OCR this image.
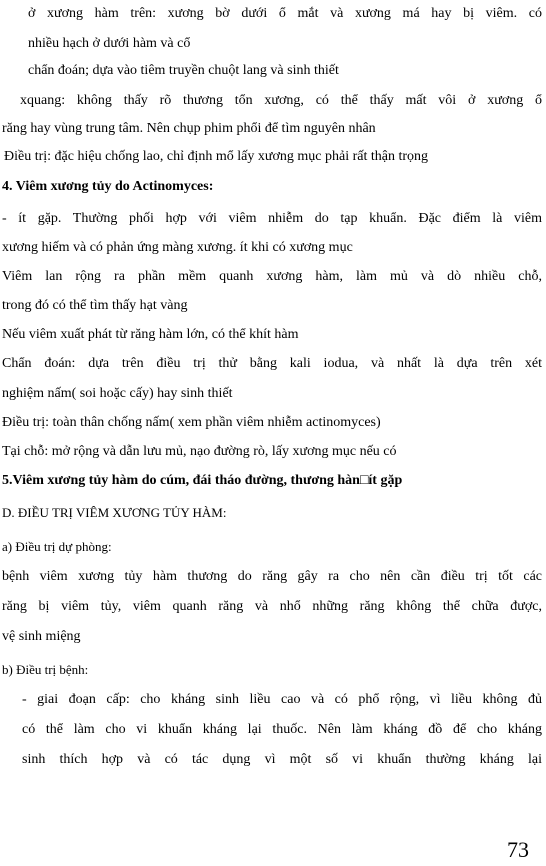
ở xương hàm trên: xương bờ dưới ổ mắt và xương má hay bị viêm. có
nhiều hạch ở dưới hàm và cổ
chẩn đoán; dựa vào tiêm truyền chuột lang và sinh thiết
xquang: không thấy rõ thương tổn xương, có thể thấy mất vôi ở xương ổ
răng hay vùng trung tâm. Nên chụp phim phổi để tìm nguyên nhân
Điều trị: đặc hiệu chống lao, chỉ định mổ lấy xương mục phải rất thận trọng
4. Viêm xương tủy do Actinomyces:
- ít gặp. Thường phối hợp với viêm nhiễm do tạp khuẩn. Đặc điểm là viêm
xương hiếm và có phản ứng màng xương. ít khi có xương mục
Viêm lan rộng ra phần mềm quanh xương hàm, làm mủ và dò nhiều chỗ,
trong đó có thể tìm thấy hạt vàng
Nếu viêm xuất phát từ răng hàm lớn, có thể khít hàm
Chẩn đoán: dựa trên điều trị thử bằng kali iodua, và nhất là dựa trên xét
nghiệm nấm( soi hoặc cấy) hay sinh thiết
Điều trị: toàn thân chống nấm( xem phần viêm nhiễm actinomyces)
Tại chỗ: mở rộng và dẫn lưu mủ, nạo đường rò, lấy xương mục nếu có
5.Viêm xương tủy hàm do cúm, đái tháo đường, thương hàn□ít gặp
D. ĐIỀU TRỊ VIÊM XƯƠNG TỦY HÀM:
a) Điều trị dự phòng:
bệnh viêm xương tủy hàm thương do răng gây ra cho nên cần điều trị tốt các
răng bị viêm tủy, viêm quanh răng và nhổ những răng không thể chữa được,
vệ sinh miệng
b) Điều trị bệnh:
- giai đoạn cấp: cho kháng sinh liều cao và có phổ rộng, vì liều không đủ
có thể làm cho vi khuẩn kháng lại thuốc. Nên làm kháng đồ để cho kháng
sinh thích hợp và có tác dụng vì một số vi khuẩn thường kháng lại
73
